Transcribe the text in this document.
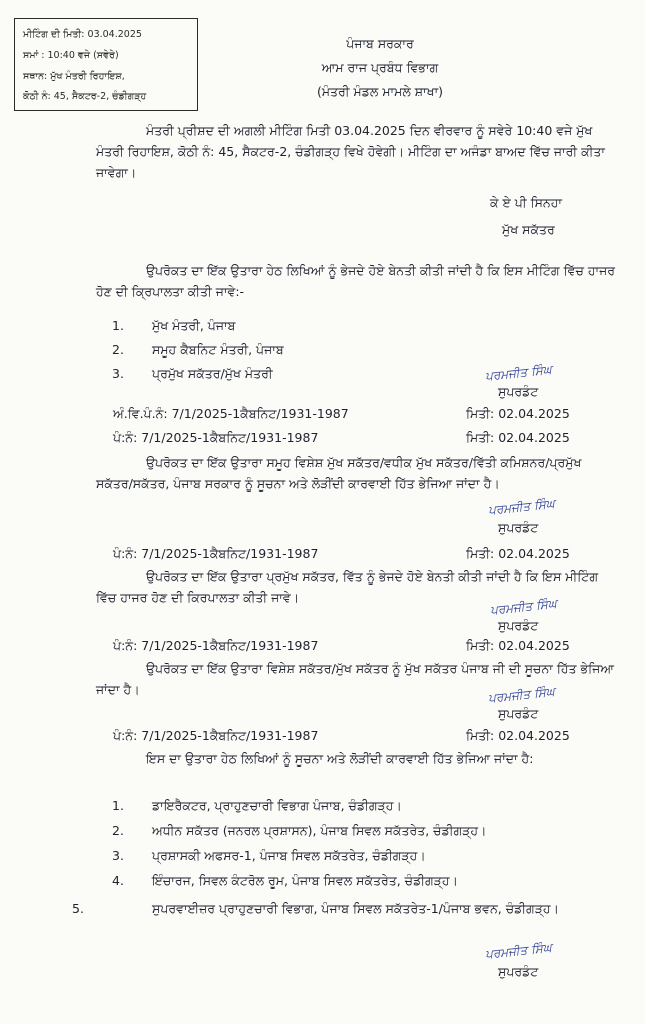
ਮੀਟਿੰਗ ਦੀ ਮਿਤੀ: 03.04.2025
ਸਮਾਂ : 10:40 ਵਜੇ (ਸਵੇਰੇ)
ਸਥਾਨ: ਮੁੱਖ ਮੰਤਰੀ ਰਿਹਾਇਸ਼,
ਕੋਠੀ ਨੰ: 45, ਸੈਕਟਰ-2, ਚੰਡੀਗੜ੍ਹ
ਪੰਜਾਬ ਸਰਕਾਰ
ਆਮ ਰਾਜ ਪ੍ਰਬੰਧ ਵਿਭਾਗ
(ਮੰਤਰੀ ਮੰਡਲ ਮਾਮਲੇ ਸ਼ਾਖਾ)
ਮੰਤਰੀ ਪ੍ਰੀਸ਼ਦ ਦੀ ਅਗਲੀ ਮੀਟਿੰਗ ਮਿਤੀ 03.04.2025 ਦਿਨ ਵੀਰਵਾਰ ਨੂੰ ਸਵੇਰੇ 10:40 ਵਜੇ ਮੁੱਖ ਮੰਤਰੀ ਰਿਹਾਇਸ਼, ਕੋਠੀ ਨੰ: 45, ਸੈਕਟਰ-2, ਚੰਡੀਗੜ੍ਹ ਵਿਖੇ ਹੋਵੇਗੀ। ਮੀਟਿੰਗ ਦਾ ਅਜੰਡਾ ਬਾਅਦ ਵਿੱਚ ਜਾਰੀ ਕੀਤਾ ਜਾਵੇਗਾ।
ਕੇ ਏ ਪੀ ਸਿਨਹਾ
ਮੁੱਖ ਸਕੱਤਰ
ਉਪਰੋਕਤ ਦਾ ਇੱਕ ਉਤਾਰਾ ਹੇਠ ਲਿਖਿਆਂ ਨੂੰ ਭੇਜਦੇ ਹੋਏ ਬੇਨਤੀ ਕੀਤੀ ਜਾਂਦੀ ਹੈ ਕਿ ਇਸ ਮੀਟਿੰਗ ਵਿੱਚ ਹਾਜਰ ਹੋਣ ਦੀ ਕ੍ਰਿਪਾਲਤਾ ਕੀਤੀ ਜਾਵੇ:-
1. ਮੁੱਖ ਮੰਤਰੀ, ਪੰਜਾਬ
2. ਸਮੂਹ ਕੈਬਨਿਟ ਮੰਤਰੀ, ਪੰਜਾਬ
3. ਪ੍ਰਮੁੱਖ ਸਕੱਤਰ/ਮੁੱਖ ਮੰਤਰੀ	ਪਰਮਜੀਤ ਸਿੰਘ
ਸੁਪਰਡੰਟ
ਅੰ.ਵਿ.ਪੰ.ਨੰ: 7/1/2025-1ਕੈਬਨਿਟ/1931-1987	ਮਿਤੀ: 02.04.2025
ਪੰ:ਨੰ: 7/1/2025-1ਕੈਬਨਿਟ/1931-1987	ਮਿਤੀ: 02.04.2025
ਉਪਰੋਕਤ ਦਾ ਇੱਕ ਉਤਾਰਾ ਸਮੂਹ ਵਿਸ਼ੇਸ਼ ਮੁੱਖ ਸਕੱਤਰ/ਵਧੀਕ ਮੁੱਖ ਸਕੱਤਰ/ਵਿੱਤੀ ਕਮਿਸ਼ਨਰ/ਪ੍ਰਮੁੱਖ ਸਕੱਤਰ/ਸਕੱਤਰ, ਪੰਜਾਬ ਸਰਕਾਰ ਨੂੰ ਸੂਚਨਾ ਅਤੇ ਲੋੜੀਂਦੀ ਕਾਰਵਾਈ ਹਿੱਤ ਭੇਜਿਆ ਜਾਂਦਾ ਹੈ।
ਪਰਮਜੀਤ ਸਿੰਘ
ਸੁਪਰਡੰਟ
ਪੰ:ਨੰ: 7/1/2025-1ਕੈਬਨਿਟ/1931-1987	ਮਿਤੀ: 02.04.2025
ਉਪਰੋਕਤ ਦਾ ਇੱਕ ਉਤਾਰਾ ਪ੍ਰਮੁੱਖ ਸਕੱਤਰ, ਵਿੱਤ ਨੂੰ ਭੇਜਦੇ ਹੋਏ ਬੇਨਤੀ ਕੀਤੀ ਜਾਂਦੀ ਹੈ ਕਿ ਇਸ ਮੀਟਿੰਗ ਵਿੱਚ ਹਾਜਰ ਹੋਣ ਦੀ ਕਿਰਪਾਲਤਾ ਕੀਤੀ ਜਾਵੇ।	ਪਰਮਜੀਤ ਸਿੰਘ
ਸੁਪਰਡੰਟ
ਪੰ:ਨੰ: 7/1/2025-1ਕੈਬਨਿਟ/1931-1987	ਮਿਤੀ: 02.04.2025
ਉਪਰੋਕਤ ਦਾ ਇੱਕ ਉਤਾਰਾ ਵਿਸ਼ੇਸ਼ ਸਕੱਤਰ/ਮੁੱਖ ਸਕੱਤਰ ਨੂੰ ਮੁੱਖ ਸਕੱਤਰ ਪੰਜਾਬ ਜੀ ਦੀ ਸੂਚਨਾ ਹਿੱਤ ਭੇਜਿਆ ਜਾਂਦਾ ਹੈ।	ਪਰਮਜੀਤ ਸਿੰਘ
ਸੁਪਰਡੰਟ
ਪੰ:ਨੰ: 7/1/2025-1ਕੈਬਨਿਟ/1931-1987	ਮਿਤੀ: 02.04.2025
ਇਸ ਦਾ ਉਤਾਰਾ ਹੇਠ ਲਿਖਿਆਂ ਨੂੰ ਸੂਚਨਾ ਅਤੇ ਲੋੜੀਂਦੀ ਕਾਰਵਾਈ ਹਿੱਤ ਭੇਜਿਆ ਜਾਂਦਾ ਹੈ:
1. ਡਾਇਰੈਕਟਰ, ਪ੍ਰਾਹੁਣਚਾਰੀ ਵਿਭਾਗ ਪੰਜਾਬ, ਚੰਡੀਗੜ੍ਹ।
2. ਅਧੀਨ ਸਕੱਤਰ (ਜਨਰਲ ਪ੍ਰਸ਼ਾਸਨ), ਪੰਜਾਬ ਸਿਵਲ ਸਕੱਤਰੇਤ, ਚੰਡੀਗੜ੍ਹ।
3. ਪ੍ਰਸ਼ਾਸਕੀ ਅਫਸਰ-1, ਪੰਜਾਬ ਸਿਵਲ ਸਕੱਤਰੇਤ, ਚੰਡੀਗੜ੍ਹ।
4. ਇੰਚਾਰਜ, ਸਿਵਲ ਕੰਟਰੋਲ ਰੂਮ, ਪੰਜਾਬ ਸਿਵਲ ਸਕੱਤਰੇਤ, ਚੰਡੀਗੜ੍ਹ।
5.	ਸੁਪਰਵਾਈਜ਼ਰ ਪ੍ਰਾਹੁਣਚਾਰੀ ਵਿਭਾਗ, ਪੰਜਾਬ ਸਿਵਲ ਸਕੱਤਰੇਤ-1/ਪੰਜਾਬ ਭਵਨ, ਚੰਡੀਗੜ੍ਹ।
ਪਰਮਜੀਤ ਸਿੰਘ
ਸੁਪਰਡੰਟ
